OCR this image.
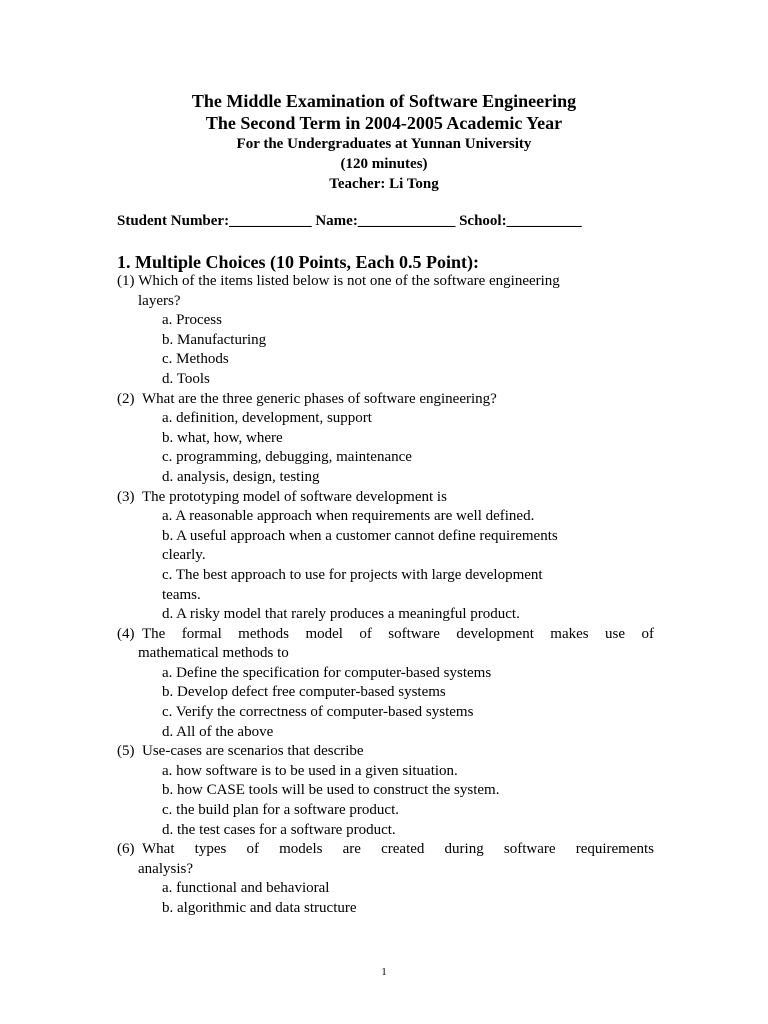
The Middle Examination of Software Engineering
The Second Term in 2004-2005 Academic Year
For the Undergraduates at Yunnan University
(120 minutes)
Teacher: Li Tong
Student Number:___________ Name:_____________ School:__________
1. Multiple Choices (10 Points, Each 0.5 Point):
(1) Which of the items listed below is not one of the software engineering
layers?
a. Process
b. Manufacturing
c. Methods
d. Tools
(2) What are the three generic phases of software engineering?
a. definition, development, support
b. what, how, where
c. programming, debugging, maintenance
d. analysis, design, testing
(3) The prototyping model of software development is
a. A reasonable approach when requirements are well defined.
b. A useful approach when a customer cannot define requirements
clearly.
c. The best approach to use for projects with large development
teams.
d. A risky model that rarely produces a meaningful product.
(4) The formal methods model of software development makes use of
mathematical methods to
a. Define the specification for computer-based systems
b. Develop defect free computer-based systems
c. Verify the correctness of computer-based systems
d. All of the above
(5) Use-cases are scenarios that describe
a. how software is to be used in a given situation.
b. how CASE tools will be used to construct the system.
c. the build plan for a software product.
d. the test cases for a software product.
(6) What types of models are created during software requirements
analysis?
a. functional and behavioral
b. algorithmic and data structure
1
